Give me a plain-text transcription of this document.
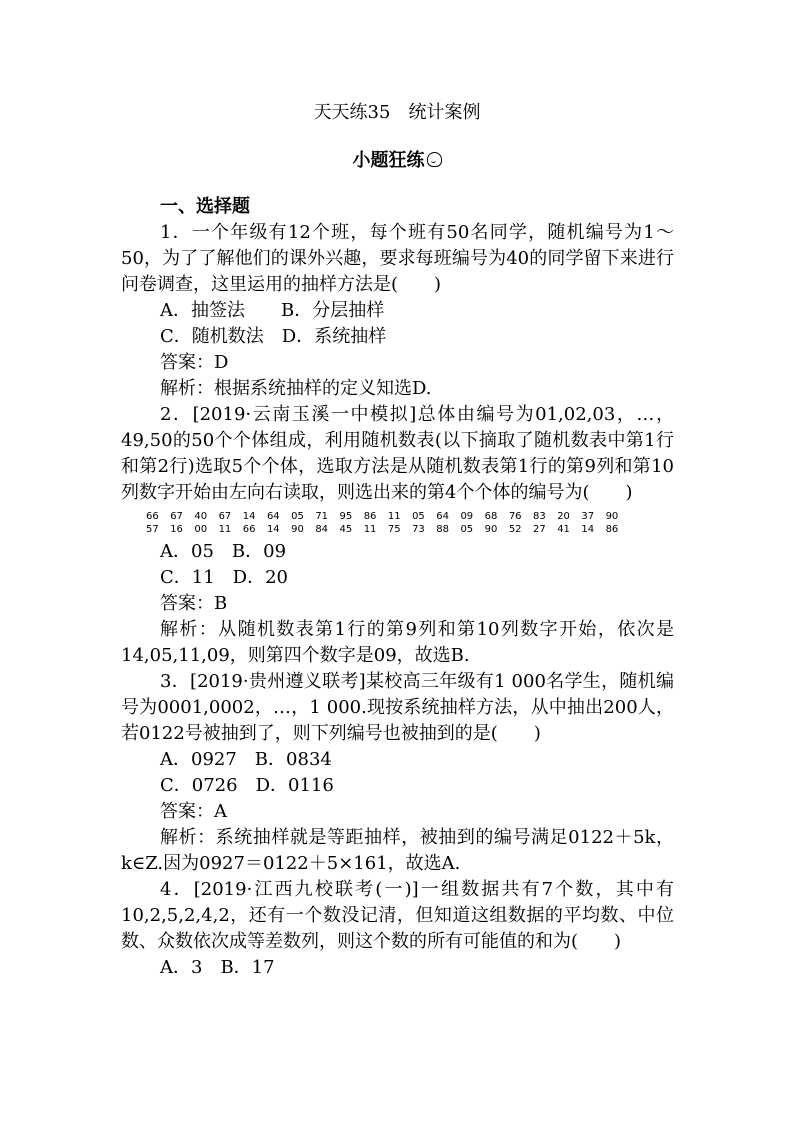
天天练35 统计案例
小题狂练

一、选择题

1．一个年级有12个班，每个班有50名同学，随机编号为1～50，为了了解他们的课外兴趣，要求每班编号为40的同学留下来进行问卷调查，这里运用的抽样方法是(　　)

A．抽签法　　B．分层抽样

C．随机数法　D．系统抽样

答案：D

解析：根据系统抽样的定义知选D.

2．[2019·云南玉溪一中模拟]总体由编号为01,02,03，…，49,50的50个个体组成，利用随机数表(以下摘取了随机数表中第1行和第2行)选取5个个体，选取方法是从随机数表第1行的第9列和第10列数字开始由左向右读取，则选出来的第4个个体的编号为(　　)

66	67	40	67	14	64	05	71	95	86	11	05	64	09	68	76	83	20	37	90
57	16	00	11	66	14	90	84	45	11	75	73	88	05	90	52	27	41	14	86

A．05　B．09

C．11　D．20

答案：B

解析：从随机数表第1行的第9列和第10列数字开始，依次是14,05,11,09，则第四个数字是09，故选B.

3．[2019·贵州遵义联考]某校高三年级有1 000名学生，随机编号为0001,0002，…，1 000.现按系统抽样方法，从中抽出200人，若0122号被抽到了，则下列编号也被抽到的是(　　)

A．0927　B．0834

C．0726　D．0116

答案：A

解析：系统抽样就是等距抽样，被抽到的编号满足0122＋5k，k∈Z.因为0927＝0122＋5×161，故选A.

4．[2019·江西九校联考(一)]一组数据共有7个数，其中有10,2,5,2,4,2，还有一个数没记清，但知道这组数据的平均数、中位数、众数依次成等差数列，则这个数的所有可能值的和为(　　)

A．3　B．17
